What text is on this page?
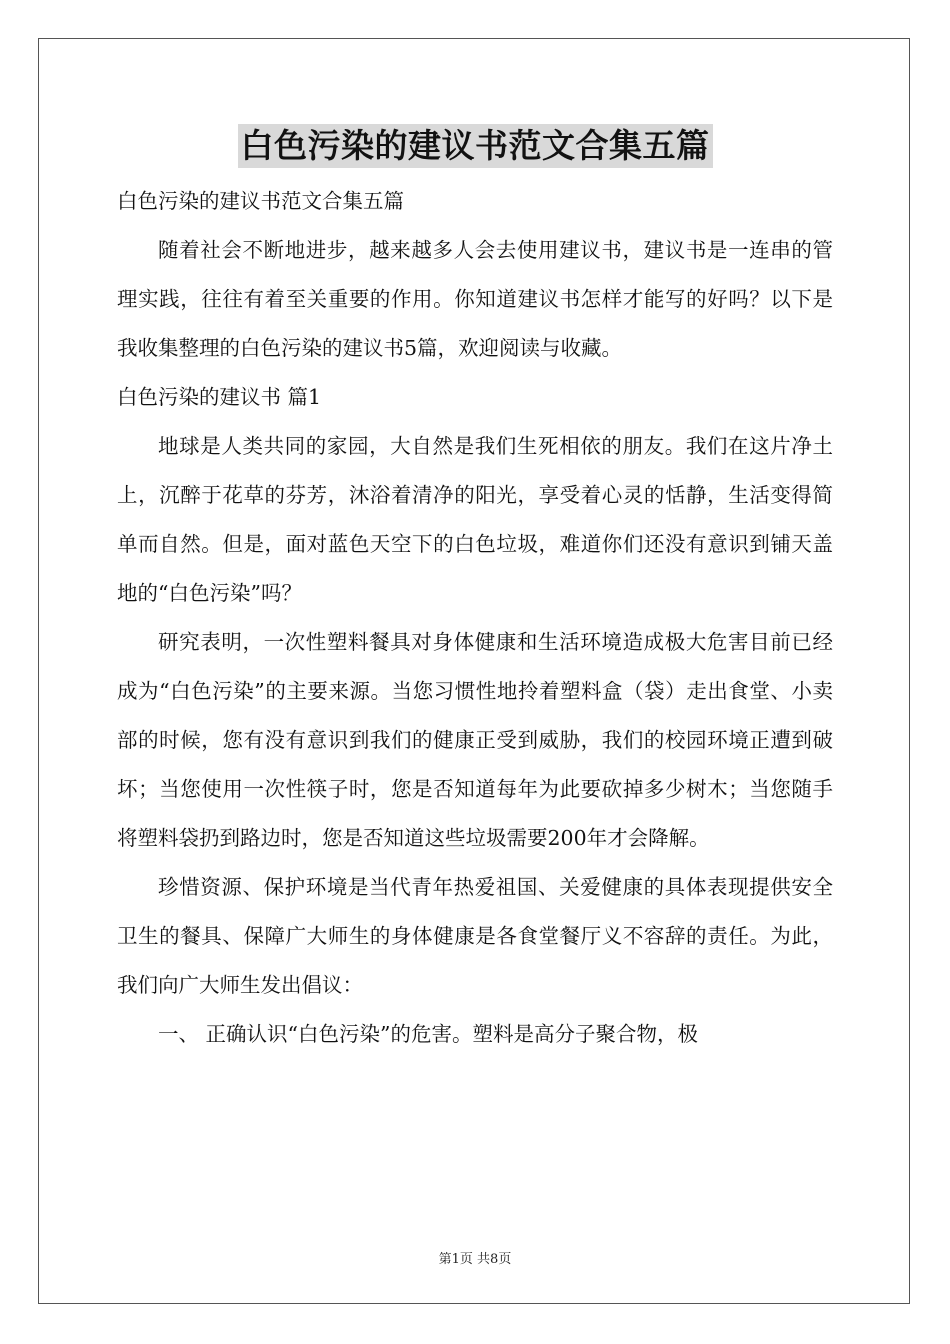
白色污染的建议书范文合集五篇

白色污染的建议书范文合集五篇

随着社会不断地进步，越来越多人会去使用建议书，建议书是一连串的管理实践，往往有着至关重要的作用。你知道建议书怎样才能写的好吗？以下是我收集整理的白色污染的建议书5篇，欢迎阅读与收藏。

白色污染的建议书 篇1

地球是人类共同的家园，大自然是我们生死相依的朋友。我们在这片净土上，沉醉于花草的芬芳，沐浴着清净的阳光，享受着心灵的恬静，生活变得简单而自然。但是，面对蓝色天空下的白色垃圾，难道你们还没有意识到铺天盖地的“白色污染”吗？

研究表明，一次性塑料餐具对身体健康和生活环境造成极大危害目前已经成为“白色污染”的主要来源。当您习惯性地拎着塑料盒（袋）走出食堂、小卖部的时候，您有没有意识到我们的健康正受到威胁，我们的校园环境正遭到破坏；当您使用一次性筷子时，您是否知道每年为此要砍掉多少树木；当您随手将塑料袋扔到路边时，您是否知道这些垃圾需要200年才会降解。

珍惜资源、保护环境是当代青年热爱祖国、关爱健康的具体表现提供安全卫生的餐具、保障广大师生的身体健康是各食堂餐厅义不容辞的责任。为此，我们向广大师生发出倡议：

一、 正确认识“白色污染”的危害。塑料是高分子聚合物，极

第1页 共8页
